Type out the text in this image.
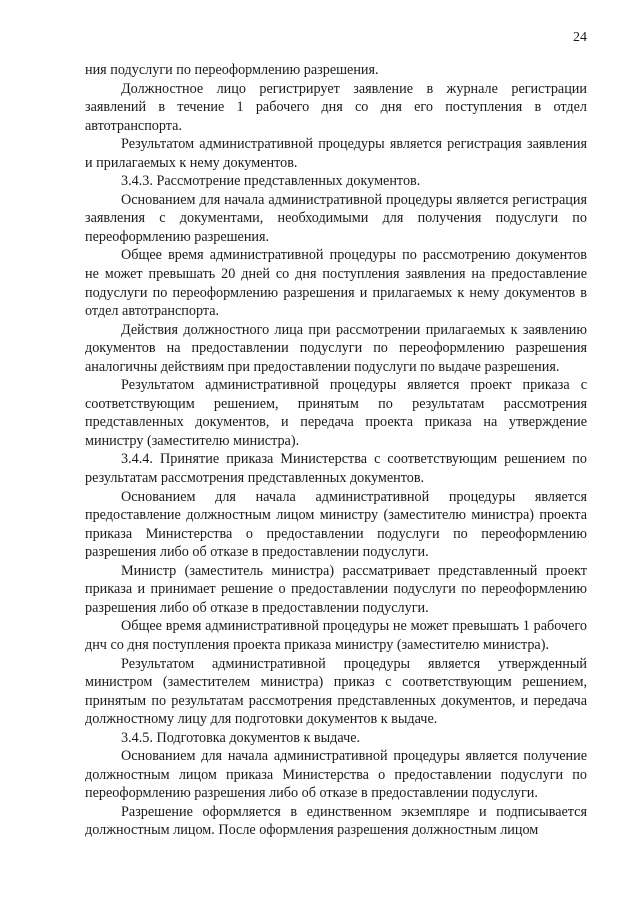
24

ния подуслуги по переоформлению разрешения.

Должностное лицо регистрирует заявление в журнале регистрации заявлений в течение 1 рабочего дня со дня его поступления в отдел автотранспорта.

Результатом административной процедуры является регистрация заявления и прилагаемых к нему документов.

3.4.3. Рассмотрение представленных документов.

Основанием для начала административной процедуры является регистрация заявления с документами, необходимыми для получения подуслуги по переоформлению разрешения.

Общее время административной процедуры по рассмотрению документов не может превышать 20 дней со дня поступления заявления на предоставление подуслуги по переоформлению разрешения и прилагаемых к нему документов в отдел автотранспорта.

Действия должностного лица при рассмотрении прилагаемых к заявлению документов на предоставлении подуслуги по переоформлению разрешения аналогичны действиям при предоставлении подуслуги по выдаче разрешения.

Результатом административной процедуры является проект приказа с соответствующим решением, принятым по результатам рассмотрения представленных документов, и передача проекта приказа на утверждение министру (заместителю министра).

3.4.4. Принятие приказа Министерства с соответствующим решением по результатам рассмотрения представленных документов.

Основанием для начала административной процедуры является предоставление должностным лицом министру (заместителю министра) проекта приказа Министерства о предоставлении подуслуги по переоформлению разрешения либо об отказе в предоставлении подуслуги.

Министр (заместитель министра) рассматривает представленный проект приказа и принимает решение о предоставлении подуслуги по переоформлению разрешения либо об отказе в предоставлении подуслуги.

Общее время административной процедуры не может превышать 1 рабочего днч со дня поступления проекта приказа министру (заместителю министра).

Результатом административной процедуры является утвержденный министром (заместителем министра) приказ с соответствующим решением, принятым по результатам рассмотрения представленных документов, и передача должностному лицу для подготовки документов к выдаче.

3.4.5. Подготовка документов к выдаче.

Основанием для начала административной процедуры является получение должностным лицом приказа Министерства о предоставлении подуслуги по переоформлению разрешения либо об отказе в предоставлении подуслуги.

Разрешение оформляется в единственном экземпляре и подписывается должностным лицом. После оформления разрешения должностным лицом
